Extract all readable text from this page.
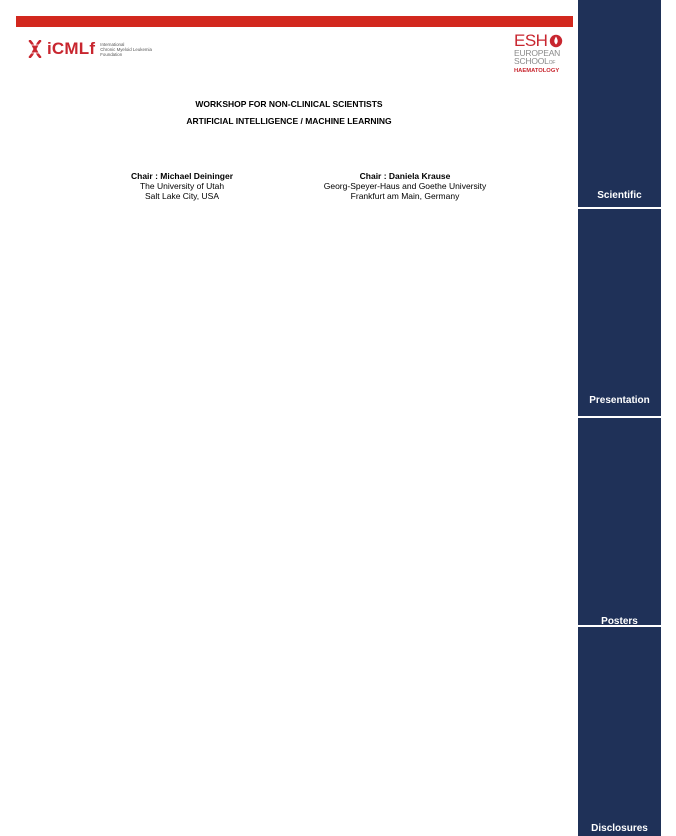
iCMLf International
Chronic Myeloid Leukemia
Foundation
ESH
EUROPEAN
SCHOOLOF
HAEMATOLOGY
WORKSHOP FOR NON-CLINICAL SCIENTISTS
ARTIFICIAL INTELLIGENCE / MACHINE LEARNING
Chair : Michael Deininger
The University of Utah
Salt Lake City, USA
Chair : Daniela Krause
Georg-Speyer-Haus and Goethe University
Frankfurt am Main, Germany	Scientific
Presentation
Posters
Disclosures
